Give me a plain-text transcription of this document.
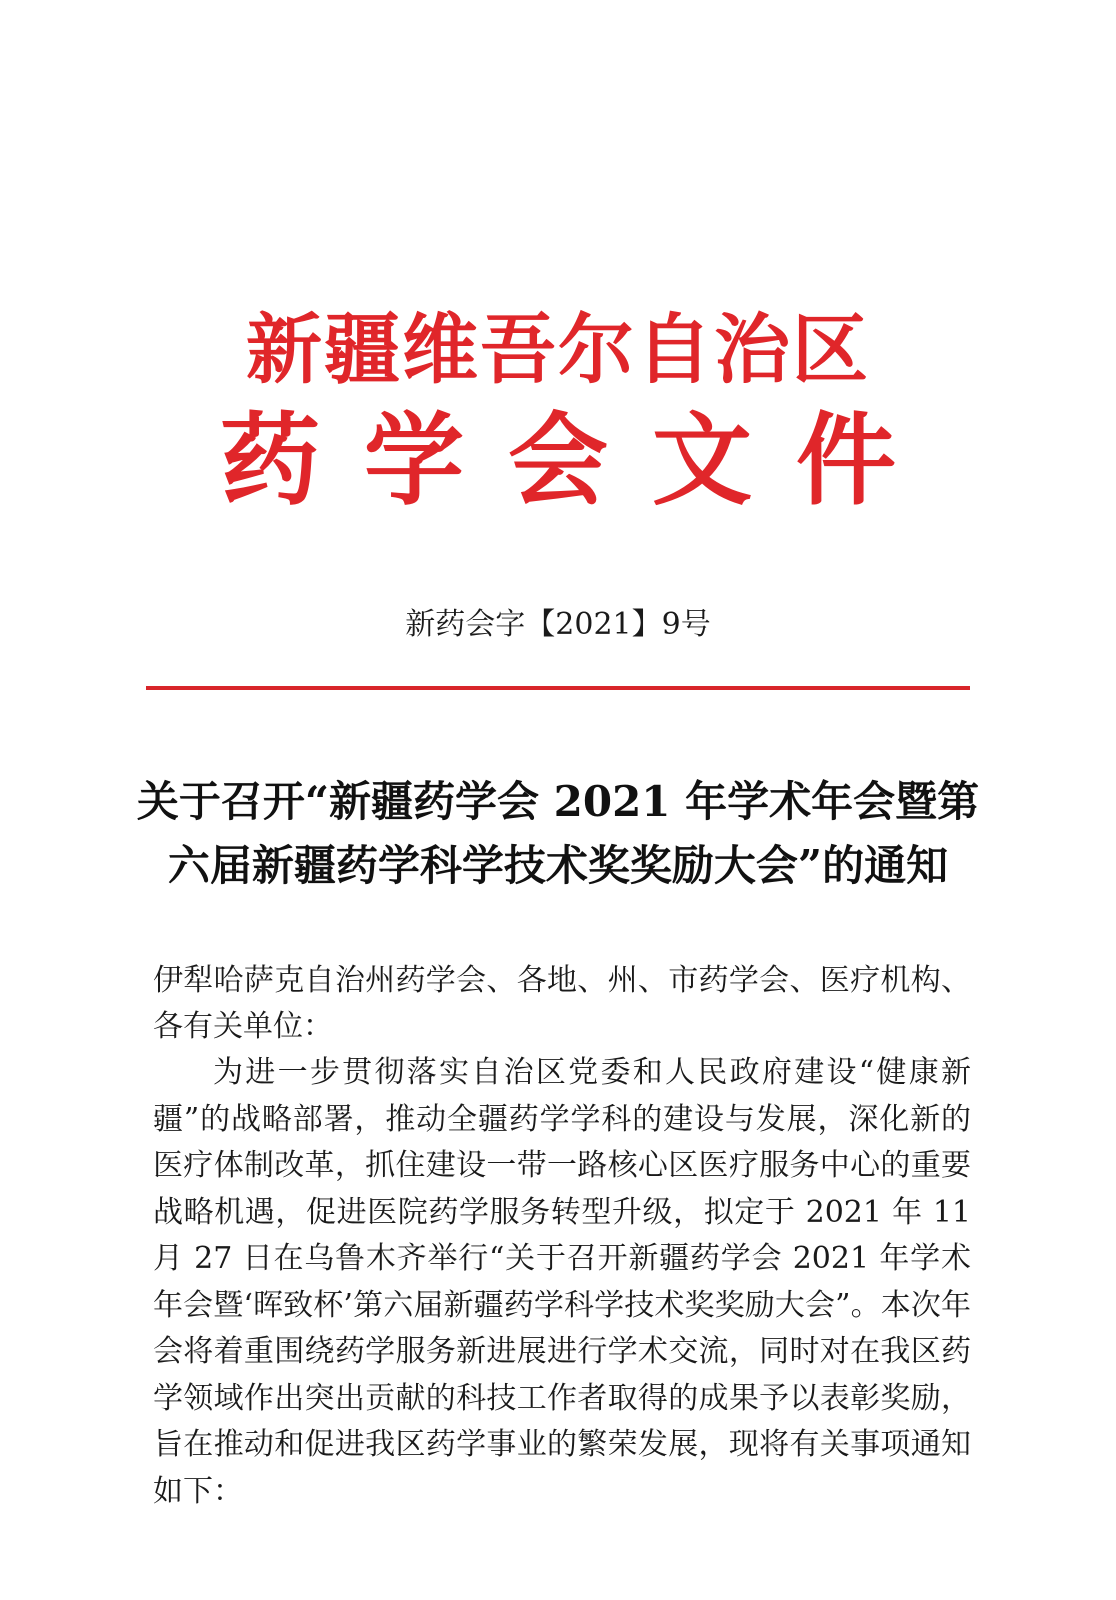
新疆维吾尔自治区
药学会文件
新药会字【2021】9号
关于召开“新疆药学会 2021 年学术年会暨第
六届新疆药学科学技术奖奖励大会”的通知
伊犁哈萨克自治州药学会、各地、州、市药学会、医疗机构、各有关单位：
为进一步贯彻落实自治区党委和人民政府建设“健康新疆”的战略部署，推动全疆药学学科的建设与发展，深化新的医疗体制改革，抓住建设一带一路核心区医疗服务中心的重要战略机遇，促进医院药学服务转型升级，拟定于 2021 年 11 月 27 日在乌鲁木齐举行“关于召开新疆药学会 2021 年学术年会暨‘晖致杯’第六届新疆药学科学技术奖奖励大会”。本次年会将着重围绕药学服务新进展进行学术交流，同时对在我区药学领域作出突出贡献的科技工作者取得的成果予以表彰奖励，旨在推动和促进我区药学事业的繁荣发展，现将有关事项通知如下：
